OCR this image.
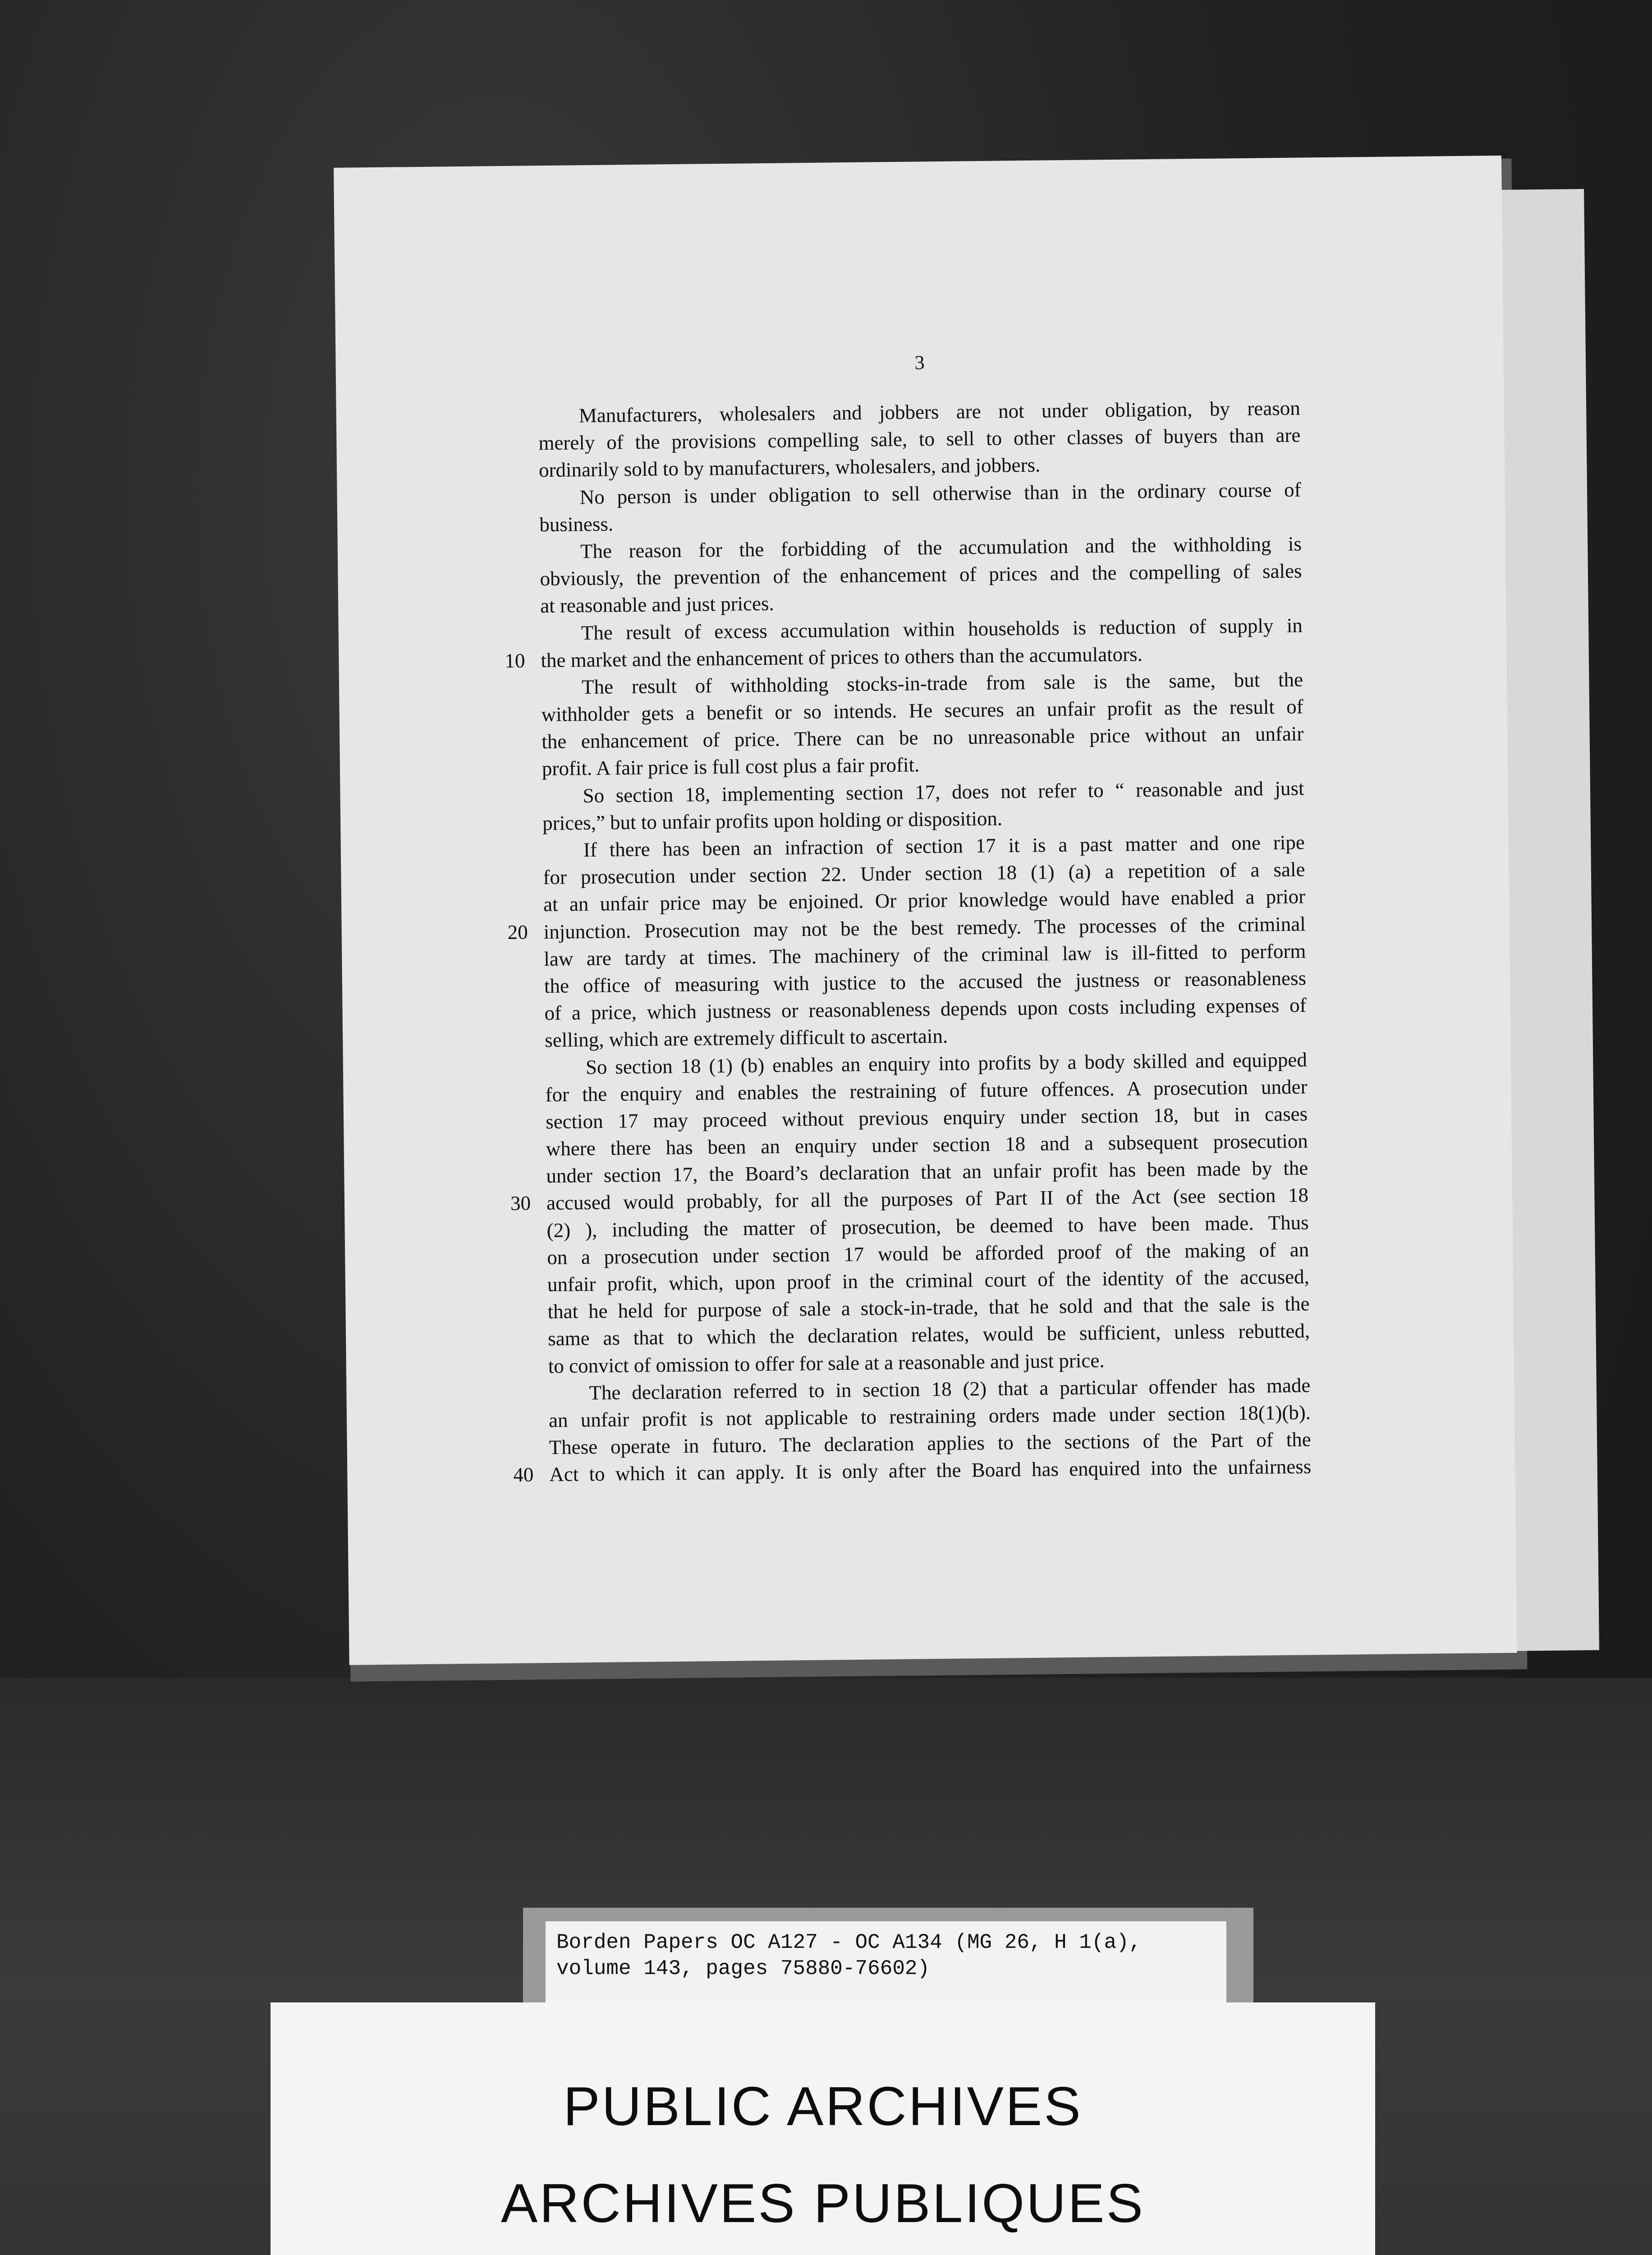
3
Manufacturers, wholesalers and jobbers are not under obligation, by reason
merely of the provisions compelling sale, to sell to other classes of buyers than are
ordinarily sold to by manufacturers, wholesalers, and jobbers.
No person is under obligation to sell otherwise than in the ordinary course of
business.
The reason for the forbidding of the accumulation and the withholding is
obviously, the prevention of the enhancement of prices and the compelling of sales
at reasonable and just prices.
The result of excess accumulation within households is reduction of supply in
10 the market and the enhancement of prices to others than the accumulators.
The result of withholding stocks-in-trade from sale is the same, but the
withholder gets a benefit or so intends. He secures an unfair profit as the result of
the enhancement of price. There can be no unreasonable price without an unfair
profit. A fair price is full cost plus a fair profit.
So section 18, implementing section 17, does not refer to “ reasonable and just
prices,” but to unfair profits upon holding or disposition.
If there has been an infraction of section 17 it is a past matter and one ripe
for prosecution under section 22. Under section 18 (1) (a) a repetition of a sale
at an unfair price may be enjoined. Or prior knowledge would have enabled a prior
20 injunction. Prosecution may not be the best remedy. The processes of the criminal
law are tardy at times. The machinery of the criminal law is ill-fitted to perform
the office of measuring with justice to the accused the justness or reasonableness
of a price, which justness or reasonableness depends upon costs including expenses of
selling, which are extremely difficult to ascertain.
So section 18 (1) (b) enables an enquiry into profits by a body skilled and equipped
for the enquiry and enables the restraining of future offences. A prosecution under
section 17 may proceed without previous enquiry under section 18, but in cases
where there has been an enquiry under section 18 and a subsequent prosecution
under section 17, the Board’s declaration that an unfair profit has been made by the
30 accused would probably, for all the purposes of Part II of the Act (see section 18
(2) ), including the matter of prosecution, be deemed to have been made. Thus
on a prosecution under section 17 would be afforded proof of the making of an
unfair profit, which, upon proof in the criminal court of the identity of the accused,
that he held for purpose of sale a stock-in-trade, that he sold and that the sale is the
same as that to which the declaration relates, would be sufficient, unless rebutted,
to convict of omission to offer for sale at a reasonable and just price.
The declaration referred to in section 18 (2) that a particular offender has made
an unfair profit is not applicable to restraining orders made under section 18(1)(b).
These operate in futuro. The declaration applies to the sections of the Part of the
40 Act to which it can apply. It is only after the Board has enquired into the unfairness
Borden Papers OC A127 - OC A134 (MG 26, H 1(a),
volume 143, pages 75880-76602)
PUBLIC ARCHIVES
ARCHIVES PUBLIQUES
